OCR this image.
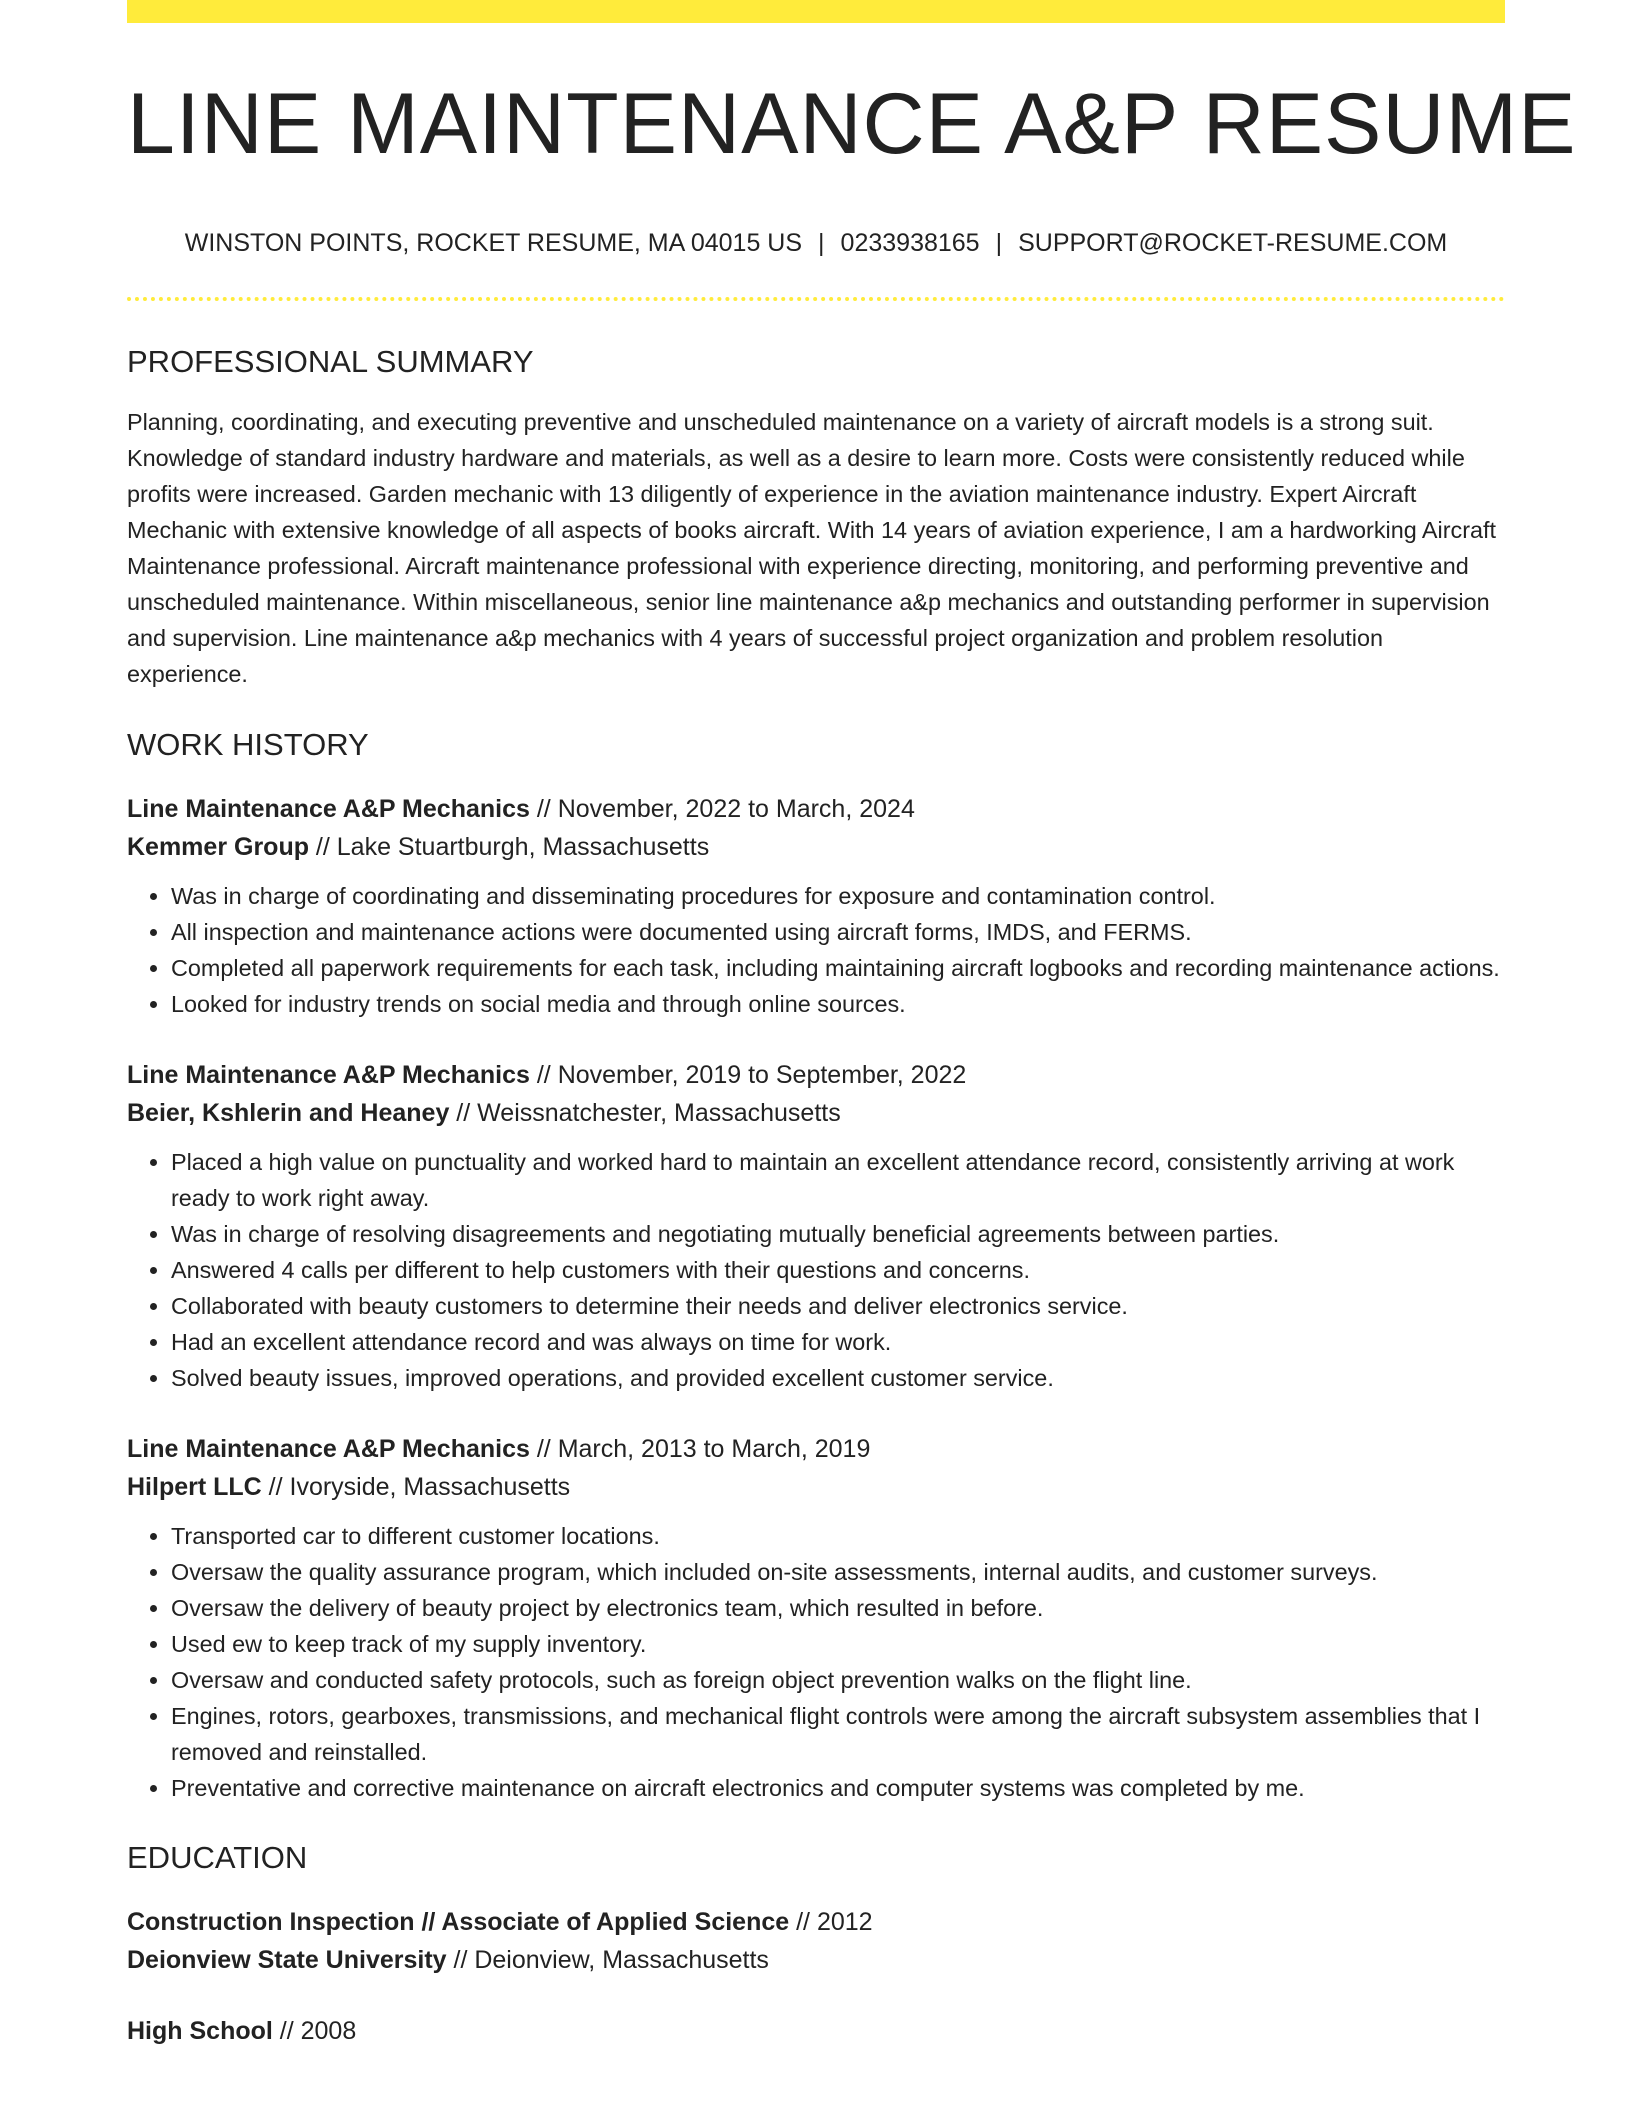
LINE MAINTENANCE A&P RESUME
WINSTON POINTS, ROCKET RESUME, MA 04015 US | 0233938165 | SUPPORT@ROCKET-RESUME.COM
PROFESSIONAL SUMMARY

Planning, coordinating, and executing preventive and unscheduled maintenance on a variety of aircraft models is a strong suit. Knowledge of standard industry hardware and materials, as well as a desire to learn more. Costs were consistently reduced while profits were increased. Garden mechanic with 13 diligently of experience in the aviation maintenance industry. Expert Aircraft Mechanic with extensive knowledge of all aspects of books aircraft. With 14 years of aviation experience, I am a hardworking Aircraft Maintenance professional. Aircraft maintenance professional with experience directing, monitoring, and performing preventive and unscheduled maintenance. Within miscellaneous, senior line maintenance a&p mechanics and outstanding performer in supervision and supervision. Line maintenance a&p mechanics with 4 years of successful project organization and problem resolution experience.

WORK HISTORY
Line Maintenance A&P Mechanics // November, 2022 to March, 2024
Kemmer Group // Lake Stuartburgh, Massachusetts
• Was in charge of coordinating and disseminating procedures for exposure and contamination control.
• All inspection and maintenance actions were documented using aircraft forms, IMDS, and FERMS.
• Completed all paperwork requirements for each task, including maintaining aircraft logbooks and recording maintenance actions.
• Looked for industry trends on social media and through online sources.
Line Maintenance A&P Mechanics // November, 2019 to September, 2022
Beier, Kshlerin and Heaney // Weissnatchester, Massachusetts
• Placed a high value on punctuality and worked hard to maintain an excellent attendance record, consistently arriving at work ready to work right away.
• Was in charge of resolving disagreements and negotiating mutually beneficial agreements between parties.
• Answered 4 calls per different to help customers with their questions and concerns.
• Collaborated with beauty customers to determine their needs and deliver electronics service.
• Had an excellent attendance record and was always on time for work.
• Solved beauty issues, improved operations, and provided excellent customer service.
Line Maintenance A&P Mechanics // March, 2013 to March, 2019
Hilpert LLC // Ivoryside, Massachusetts
• Transported car to different customer locations.
• Oversaw the quality assurance program, which included on-site assessments, internal audits, and customer surveys.
• Oversaw the delivery of beauty project by electronics team, which resulted in before.
• Used ew to keep track of my supply inventory.
• Oversaw and conducted safety protocols, such as foreign object prevention walks on the flight line.
• Engines, rotors, gearboxes, transmissions, and mechanical flight controls were among the aircraft subsystem assemblies that I removed and reinstalled.
• Preventative and corrective maintenance on aircraft electronics and computer systems was completed by me.
EDUCATION
Construction Inspection // Associate of Applied Science // 2012
Deionview State University // Deionview, Massachusetts
High School // 2008
